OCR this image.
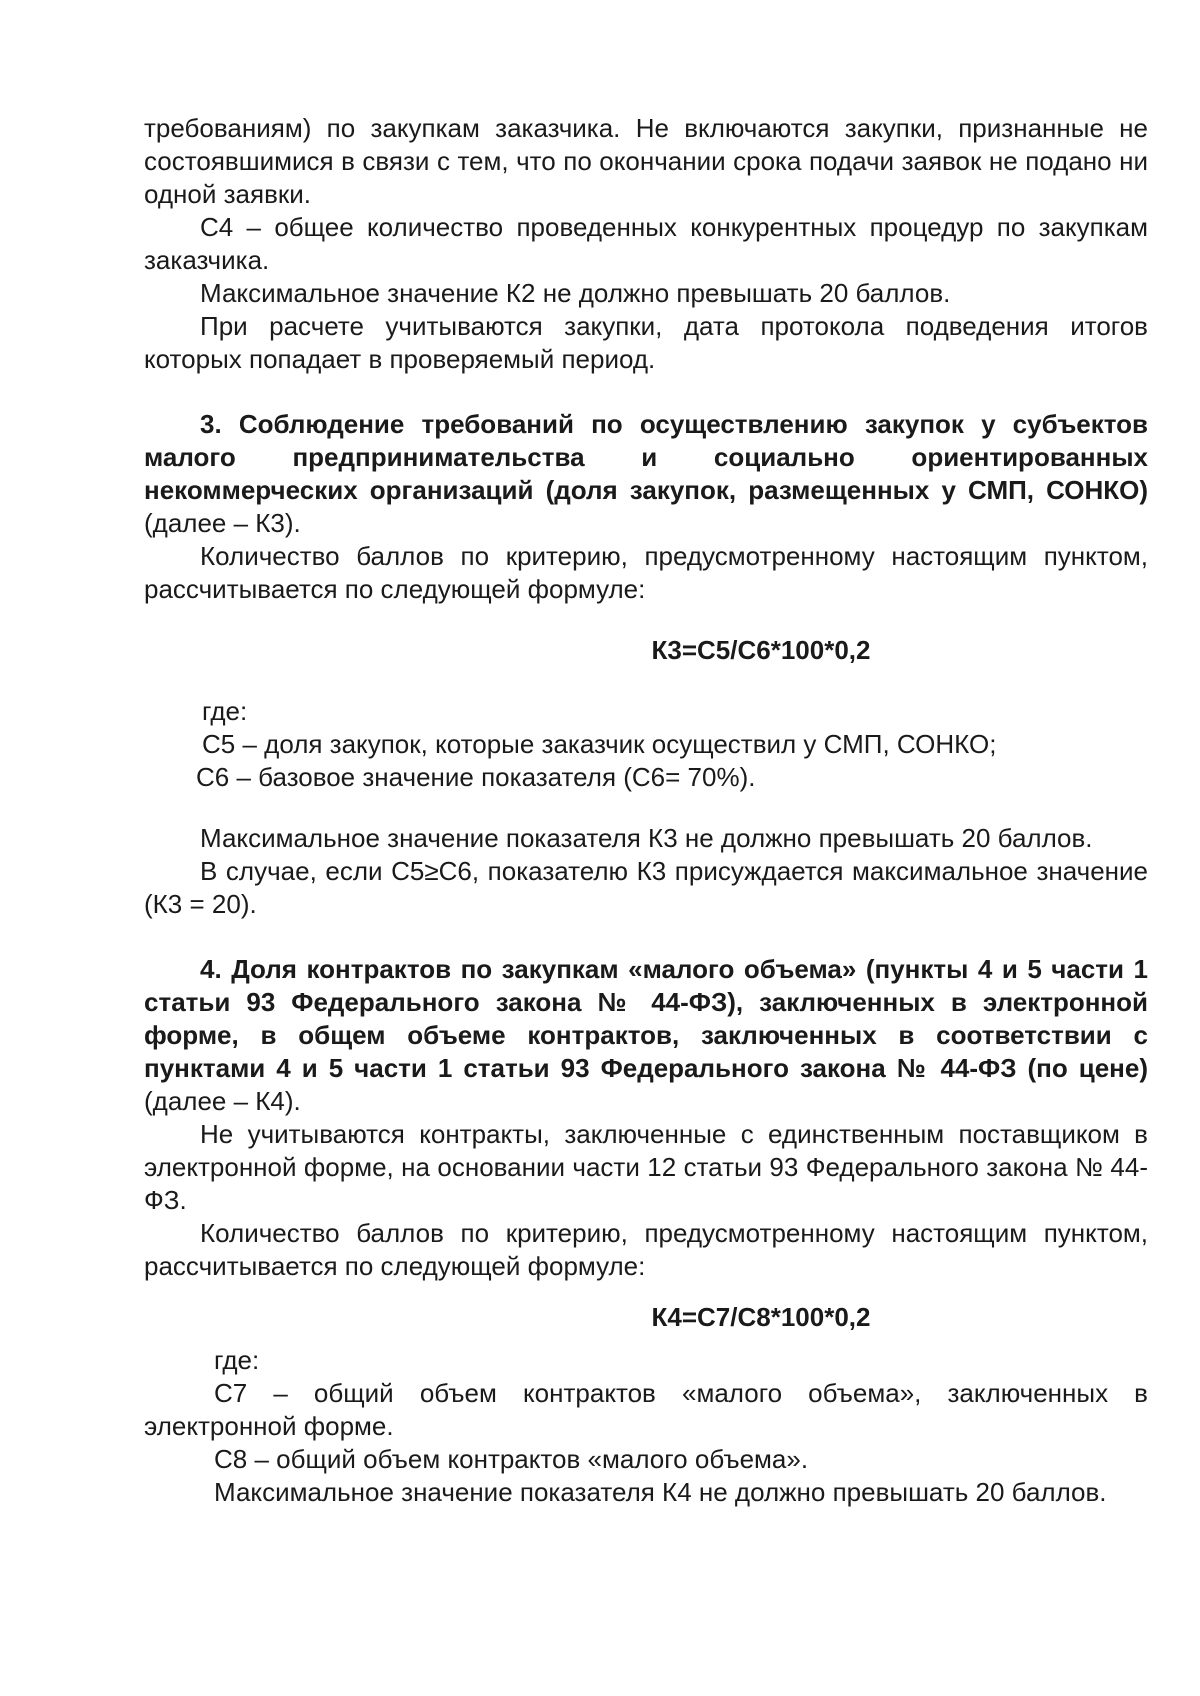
требованиям) по закупкам заказчика. Не включаются закупки, признанные не состоявшимися в связи с тем, что по окончании срока подачи заявок не подано ни одной заявки.

С4 – общее количество проведенных конкурентных процедур по закупкам заказчика.

Максимальное значение К2 не должно превышать 20 баллов.

При расчете учитываются закупки, дата протокола подведения итогов которых попадает в проверяемый период.

3. Соблюдение требований по осуществлению закупок у субъектов малого предпринимательства и социально ориентированных некоммерческих организаций (доля закупок, размещенных у СМП, СОНКО) (далее – К3).

Количество баллов по критерию, предусмотренному настоящим пунктом, рассчитывается по следующей формуле:

К3=С5/С6*100*0,2

где:

С5 – доля закупок, которые заказчик осуществил у СМП, СОНКО;

С6 – базовое значение показателя (С6= 70%).

Максимальное значение показателя К3 не должно превышать 20 баллов.

В случае, если С5≥С6, показателю К3 присуждается максимальное значение (К3 = 20).

4. Доля контрактов по закупкам «малого объема» (пункты 4 и 5 части 1 статьи 93 Федерального закона № 44-ФЗ), заключенных в электронной форме, в общем объеме контрактов, заключенных в соответствии с пунктами 4 и 5 части 1 статьи 93 Федерального закона № 44-ФЗ (по цене) (далее – К4).

Не учитываются контракты, заключенные с единственным поставщиком в электронной форме, на основании части 12 статьи 93 Федерального закона № 44-ФЗ.

Количество баллов по критерию, предусмотренному настоящим пунктом, рассчитывается по следующей формуле:

К4=С7/С8*100*0,2

где:

С7 – общий объем контрактов «малого объема», заключенных в электронной форме.

С8 – общий объем контрактов «малого объема».

Максимальное значение показателя К4 не должно превышать 20 баллов.
